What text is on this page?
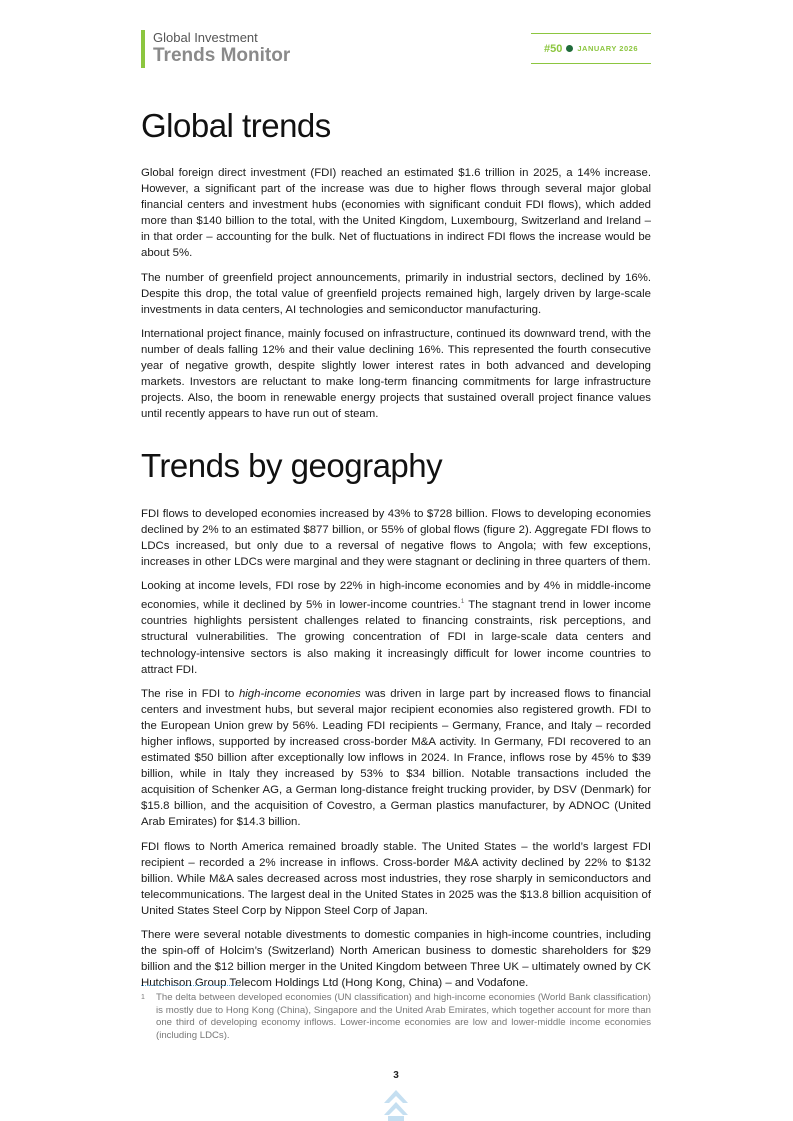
Global Investment
Trends Monitor	#50 JANUARY 2026
Global trends

Global foreign direct investment (FDI) reached an estimated $1.6 trillion in 2025, a 14% increase. However, a significant part of the increase was due to higher flows through several major global financial centers and investment hubs (economies with significant conduit FDI flows), which added more than $140 billion to the total, with the United Kingdom, Luxembourg, Switzerland and Ireland – in that order – accounting for the bulk. Net of fluctuations in indirect FDI flows the increase would be about 5%.

The number of greenfield project announcements, primarily in industrial sectors, declined by 16%. Despite this drop, the total value of greenfield projects remained high, largely driven by large-scale investments in data centers, AI technologies and semiconductor manufacturing.

International project finance, mainly focused on infrastructure, continued its downward trend, with the number of deals falling 12% and their value declining 16%. This represented the fourth consecutive year of negative growth, despite slightly lower interest rates in both advanced and developing markets. Investors are reluctant to make long-term financing commitments for large infrastructure projects. Also, the boom in renewable energy projects that sustained overall project finance values until recently appears to have run out of steam.

Trends by geography

FDI flows to developed economies increased by 43% to $728 billion. Flows to developing economies declined by 2% to an estimated $877 billion, or 55% of global flows (figure 2). Aggregate FDI flows to LDCs increased, but only due to a reversal of negative flows to Angola; with few exceptions, increases in other LDCs were marginal and they were stagnant or declining in three quarters of them.

Looking at income levels, FDI rose by 22% in high-income economies and by 4% in middle-income economies, while it declined by 5% in lower-income countries.$^1$ The stagnant trend in lower income countries highlights persistent challenges related to financing constraints, risk perceptions, and structural vulnerabilities. The growing concentration of FDI in large-scale data centers and technology-intensive sectors is also making it increasingly difficult for lower income countries to attract FDI.

The rise in FDI to high-income economies was driven in large part by increased flows to financial centers and investment hubs, but several major recipient economies also registered growth. FDI to the European Union grew by 56%. Leading FDI recipients – Germany, France, and Italy – recorded higher inflows, supported by increased cross-border M&A activity. In Germany, FDI recovered to an estimated $50 billion after exceptionally low inflows in 2024. In France, inflows rose by 45% to $39 billion, while in Italy they increased by 53% to $34 billion. Notable transactions included the acquisition of Schenker AG, a German long-distance freight trucking provider, by DSV (Denmark) for $15.8 billion, and the acquisition of Covestro, a German plastics manufacturer, by ADNOC (United Arab Emirates) for $14.3 billion.

FDI flows to North America remained broadly stable. The United States – the world’s largest FDI recipient – recorded a 2% increase in inflows. Cross-border M&A activity declined by 22% to $132 billion. While M&A sales decreased across most industries, they rose sharply in semiconductors and telecommunications. The largest deal in the United States in 2025 was the $13.8 billion acquisition of United States Steel Corp by Nippon Steel Corp of Japan.

There were several notable divestments to domestic companies in high-income countries, including the spin-off of Holcim’s (Switzerland) North American business to domestic shareholders for $29 billion and the $12 billion merger in the United Kingdom between Three UK – ultimately owned by CK Hutchison Group Telecom Holdings Ltd (Hong Kong, China) – and Vodafone.

1	The delta between developed economies (UN classification) and high-income economies (World Bank classification) is mostly due to Hong Kong (China), Singapore and the United Arab Emirates, which together account for more than one third of developing economy inflows. Lower-income economies are low and lower-middle income economies (including LDCs).
3
